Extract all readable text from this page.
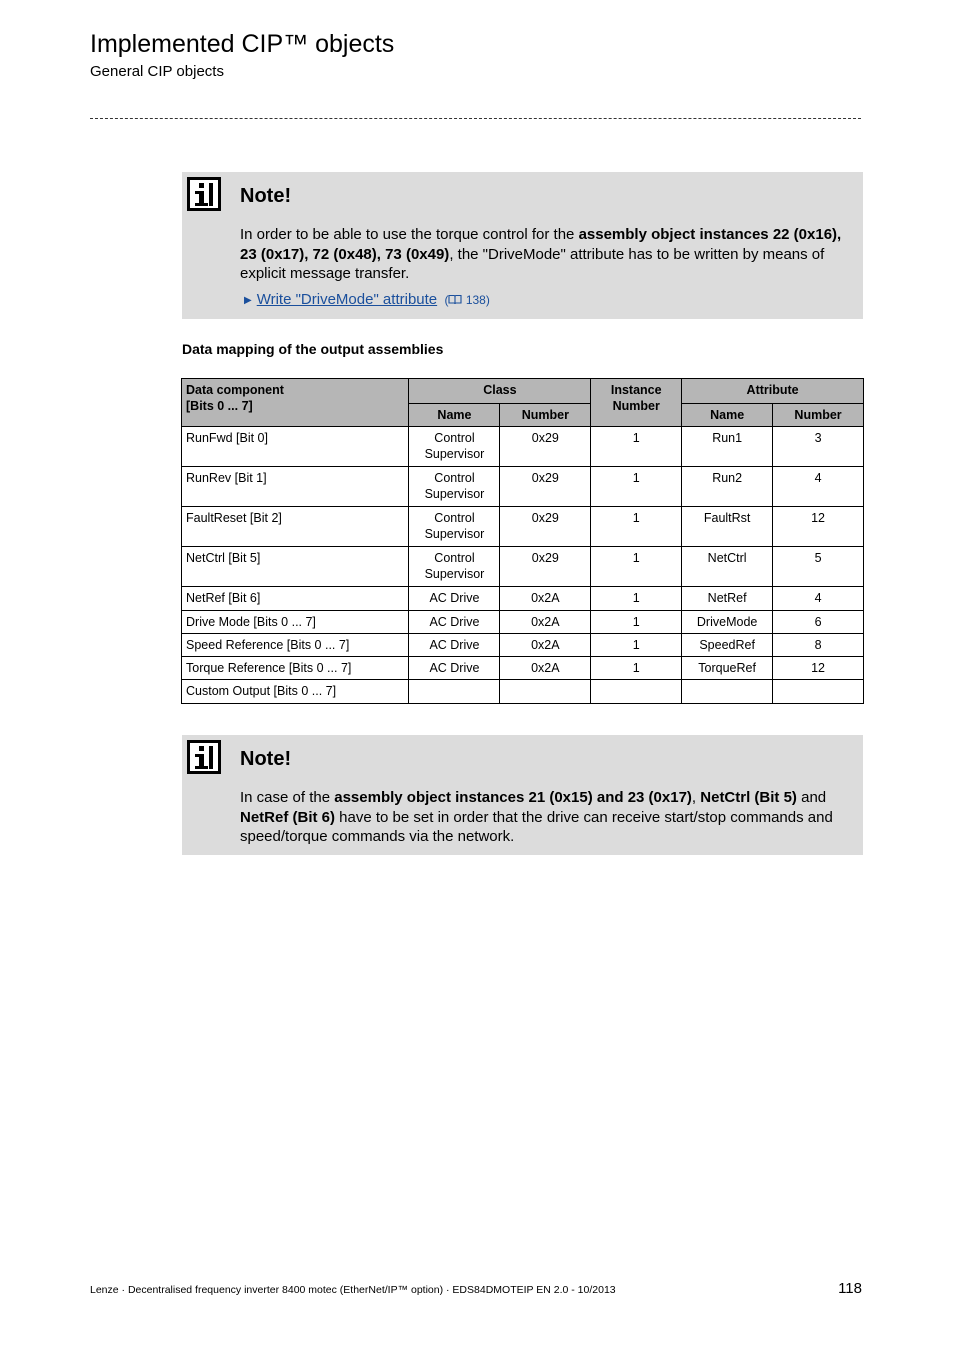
Implemented CIP™ objects
General CIP objects
Note!
In order to be able to use the torque control for the assembly object instances 22 (0x16), 23 (0x17), 72 (0x48), 73 (0x49), the "DriveMode" attribute has to be written by means of explicit message transfer.
▶ Write "DriveMode" attribute ( 138)
Data mapping of the output assemblies
Data component
[Bits 0 ... 7]	Class		Instance Number	Attribute	
	Name	Number		Name	Number
RunFwd [Bit 0]	Control Supervisor	0x29	1	Run1	3
RunRev [Bit 1]	Control Supervisor	0x29	1	Run2	4
FaultReset [Bit 2]	Control Supervisor	0x29	1	FaultRst	12
NetCtrl [Bit 5]	Control Supervisor	0x29	1	NetCtrl	5
NetRef [Bit 6]	AC Drive	0x2A	1	NetRef	4
Drive Mode [Bits 0 ... 7]	AC Drive	0x2A	1	DriveMode	6
Speed Reference [Bits 0 ... 7]	AC Drive	0x2A	1	SpeedRef	8
Torque Reference [Bits 0 ... 7]	AC Drive	0x2A	1	TorqueRef	12
Custom Output [Bits 0 ... 7]					
Note!
In case of the assembly object instances 21 (0x15) and 23 (0x17), NetCtrl (Bit 5) and NetRef (Bit 6) have to be set in order that the drive can receive start/stop commands and speed/torque commands via the network.
Lenze · Decentralised frequency inverter 8400 motec (EtherNet/IP™ option) · EDS84DMOTEIP EN 2.0 - 10/2013	118
